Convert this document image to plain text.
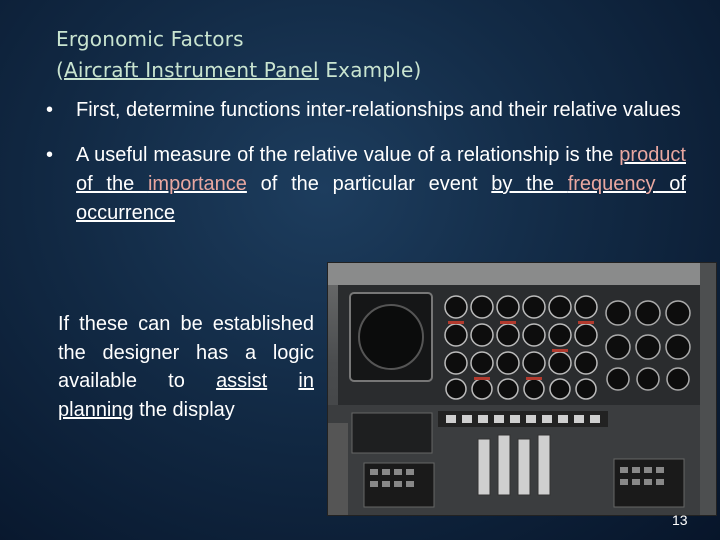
Ergonomic Factors
(Aircraft Instrument Panel Example)
•	First, determine functions inter-relationships and their relative values
•	A useful measure of the relative value of a relationship is the product of the importance of the particular event by the frequency of occurrence
If these can be established the designer has a logic available to assist in planning the display
13
